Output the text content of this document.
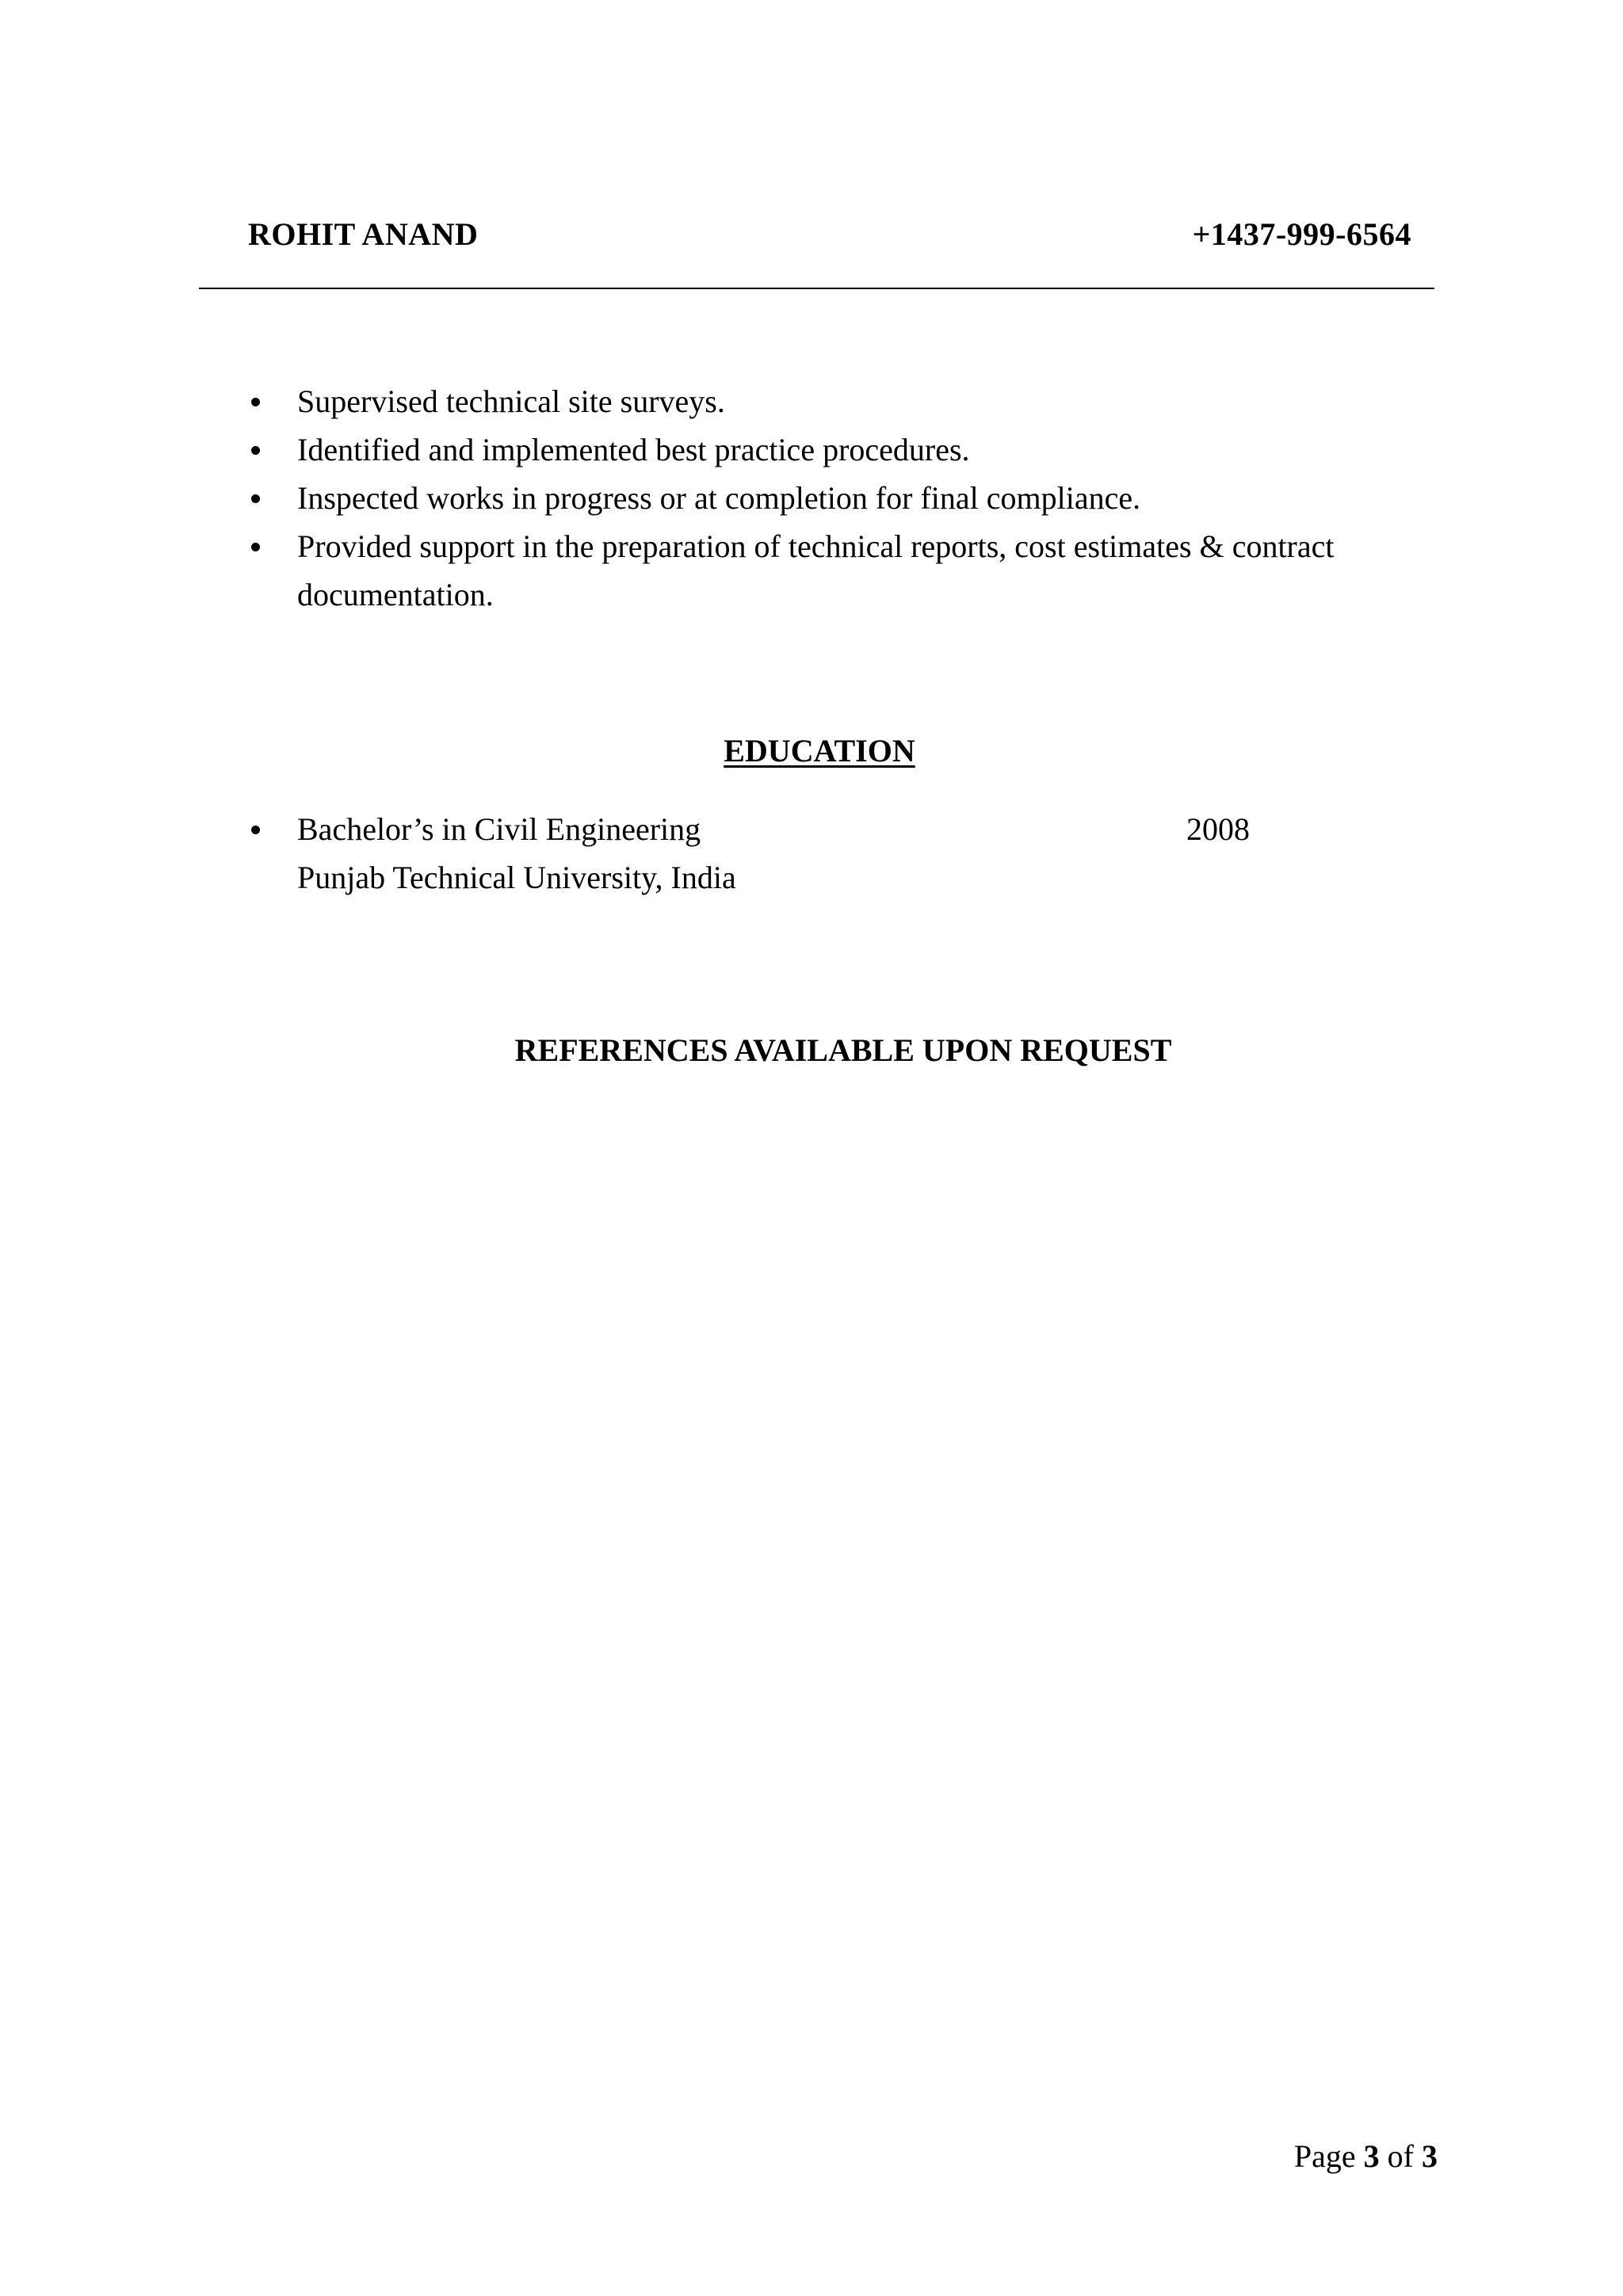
ROHIT ANAND	+1437-999-6564
Supervised technical site surveys.
Identified and implemented best practice procedures.
Inspected works in progress or at completion for final compliance.
Provided support in the preparation of technical reports, cost estimates & contract documentation.
EDUCATION
Bachelor’s in Civil Engineering	2008
Punjab Technical University, India
REFERENCES AVAILABLE UPON REQUEST
Page 3 of 3
